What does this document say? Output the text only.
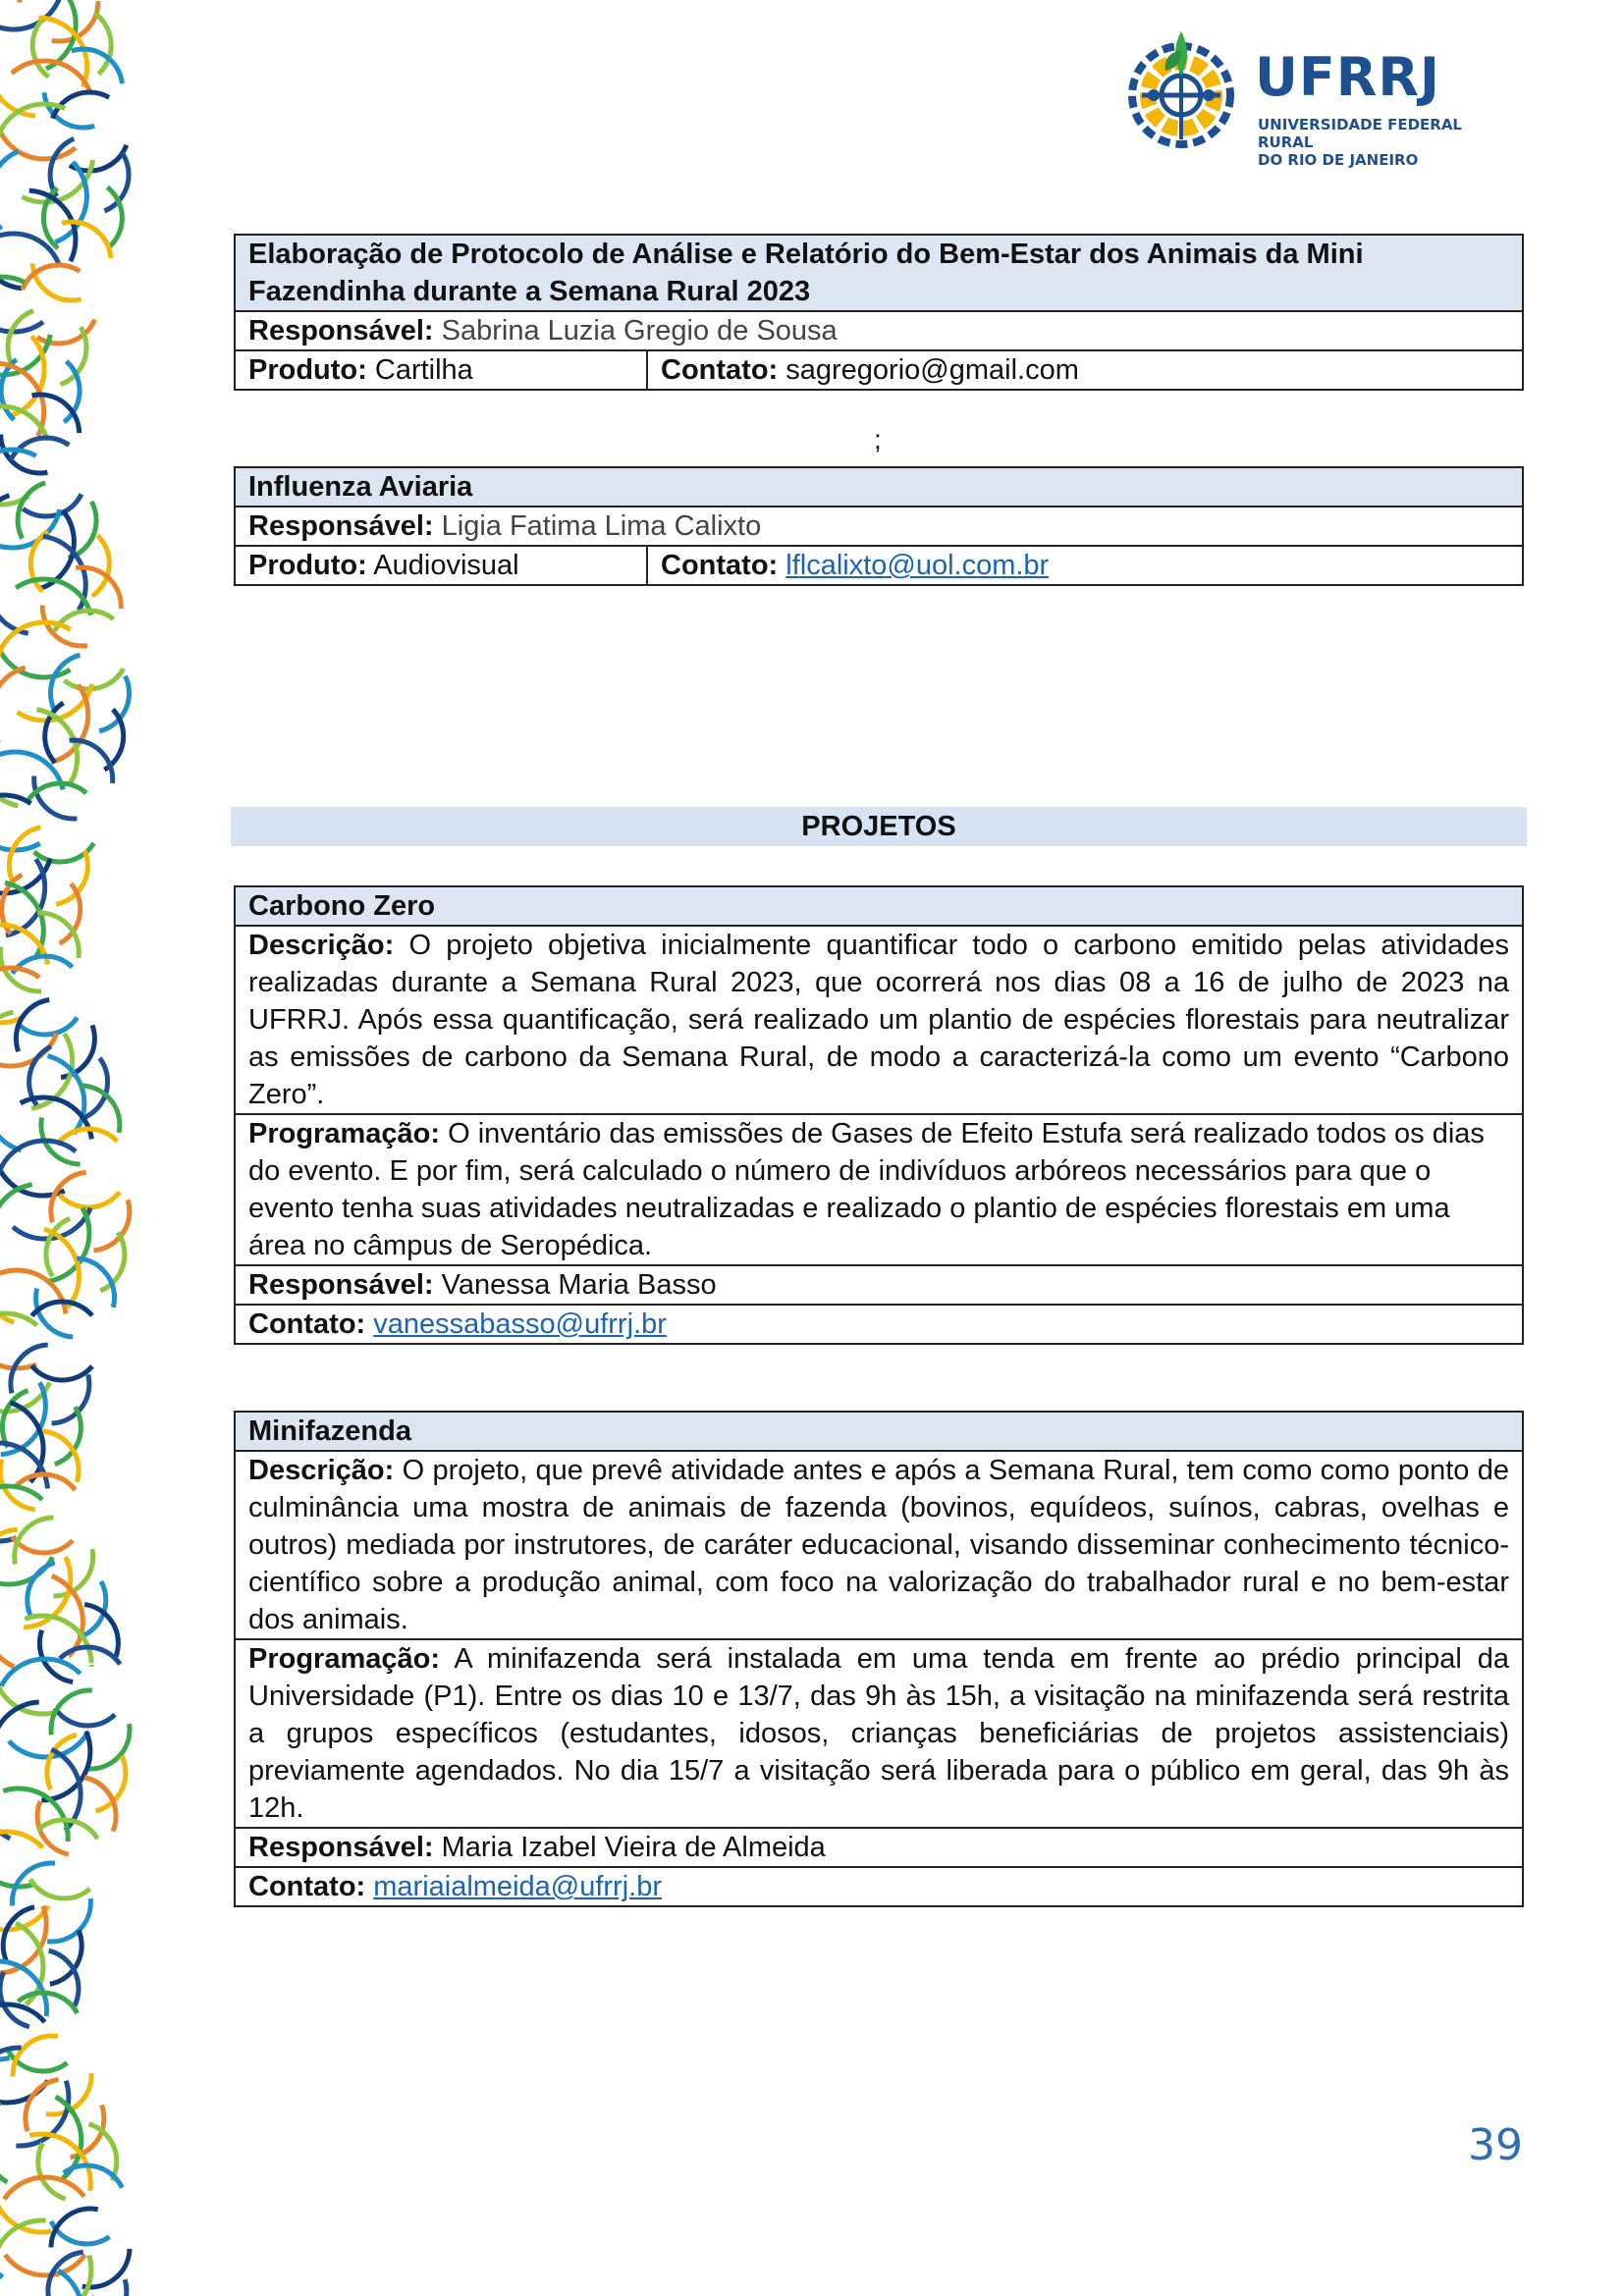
UFRRJ
UNIVERSIDADE FEDERAL RURAL
DO RIO DE JANEIRO
Elaboração de Protocolo de Análise e Relatório do Bem-Estar dos Animais da Mini Fazendinha durante a Semana Rural 2023
Responsável: Sabrina Luzia Gregio de Sousa
Produto: Cartilha	Contato: sagregorio@gmail.com
;
Influenza Aviaria
Responsável: Ligia Fatima Lima Calixto
Produto: Audiovisual	Contato: lflcalixto@uol.com.br
PROJETOS
Carbono Zero
Descrição: O projeto objetiva inicialmente quantificar todo o carbono emitido pelas atividades realizadas durante a Semana Rural 2023, que ocorrerá nos dias 08 a 16 de julho de 2023 na UFRRJ. Após essa quantificação, será realizado um plantio de espécies florestais para neutralizar as emissões de carbono da Semana Rural, de modo a caracterizá-la como um evento “Carbono Zero”.
Programação: O inventário das emissões de Gases de Efeito Estufa será realizado todos os dias do evento. E por fim, será calculado o número de indivíduos arbóreos necessários para que o evento tenha suas atividades neutralizadas e realizado o plantio de espécies florestais em uma área no câmpus de Seropédica.
Responsável: Vanessa Maria Basso
Contato: vanessabasso@ufrrj.br
Minifazenda
Descrição: O projeto, que prevê atividade antes e após a Semana Rural, tem como como ponto de culminância uma mostra de animais de fazenda (bovinos, equídeos, suínos, cabras, ovelhas e outros) mediada por instrutores, de caráter educacional, visando disseminar conhecimento técnico-científico sobre a produção animal, com foco na valorização do trabalhador rural e no bem-estar dos animais.
Programação: A minifazenda será instalada em uma tenda em frente ao prédio principal da Universidade (P1). Entre os dias 10 e 13/7, das 9h às 15h, a visitação na minifazenda será restrita a grupos específicos (estudantes, idosos, crianças beneficiárias de projetos assistenciais) previamente agendados. No dia 15/7 a visitação será liberada para o público em geral, das 9h às 12h.
Responsável: Maria Izabel Vieira de Almeida
Contato: mariaialmeida@ufrrj.br
39
